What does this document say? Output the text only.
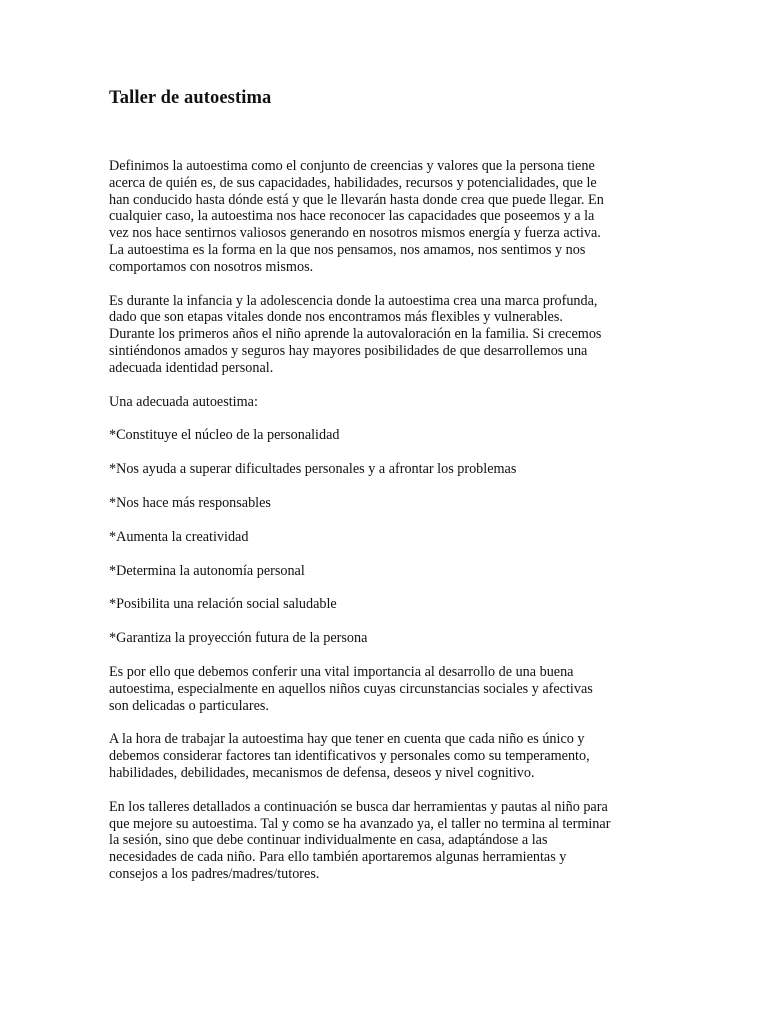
Taller de autoestima

Definimos la autoestima como el conjunto de creencias y valores que la persona tiene
acerca de quién es, de sus capacidades, habilidades, recursos y potencialidades, que le
han conducido hasta dónde está y que le llevarán hasta donde crea que puede llegar. En
cualquier caso, la autoestima nos hace reconocer las capacidades que poseemos y a la
vez nos hace sentirnos valiosos generando en nosotros mismos energía y fuerza activa.
La autoestima es la forma en la que nos pensamos, nos amamos, nos sentimos y nos
comportamos con nosotros mismos.

Es durante la infancia y la adolescencia donde la autoestima crea una marca profunda,
dado que son etapas vitales donde nos encontramos más flexibles y vulnerables.
Durante los primeros años el niño aprende la autovaloración en la familia. Si crecemos
sintiéndonos amados y seguros hay mayores posibilidades de que desarrollemos una
adecuada identidad personal.

Una adecuada autoestima:

*Constituye el núcleo de la personalidad

*Nos ayuda a superar dificultades personales y a afrontar los problemas

*Nos hace más responsables

*Aumenta la creatividad

*Determina la autonomía personal

*Posibilita una relación social saludable

*Garantiza la proyección futura de la persona

Es por ello que debemos conferir una vital importancia al desarrollo de una buena
autoestima, especialmente en aquellos niños cuyas circunstancias sociales y afectivas
son delicadas o particulares.

A la hora de trabajar la autoestima hay que tener en cuenta que cada niño es único y
debemos considerar factores tan identificativos y personales como su temperamento,
habilidades, debilidades, mecanismos de defensa, deseos y nivel cognitivo.

En los talleres detallados a continuación se busca dar herramientas y pautas al niño para
que mejore su autoestima. Tal y como se ha avanzado ya, el taller no termina al terminar
la sesión, sino que debe continuar individualmente en casa, adaptándose a las
necesidades de cada niño. Para ello también aportaremos algunas herramientas y
consejos a los padres/madres/tutores.
